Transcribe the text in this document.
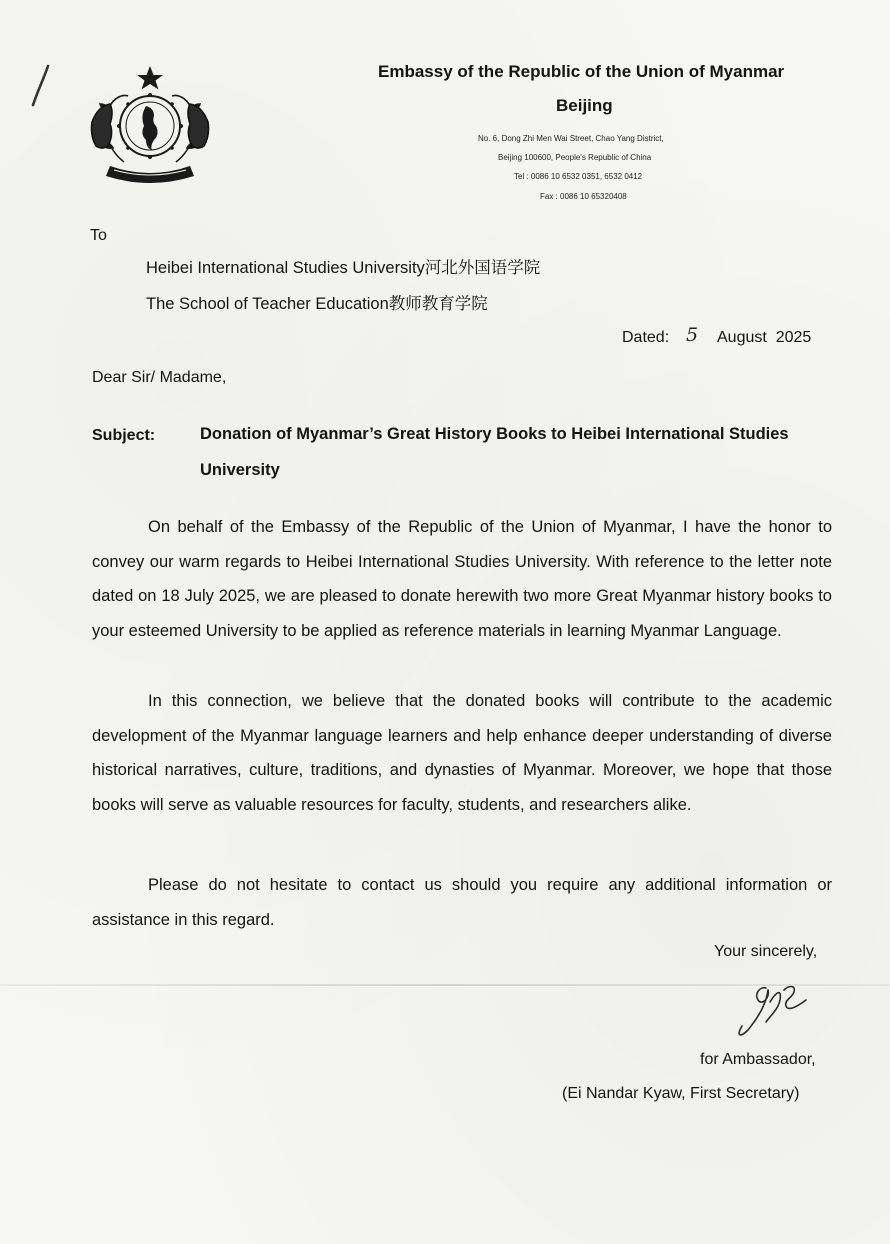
Embassy of the Republic of the Union of Myanmar
Beijing
No. 6, Dong Zhi Men Wai Street, Chao Yang District,
Beijing 100600, People's Republic of China
Tel : 0086 10 6532 0351, 6532 0412
Fax : 0086 10 65320408
To
Heibei International Studies University河北外国语学院
The School of Teacher Education教师教育学院
Dated: 5 August  2025
Dear Sir/ Madame,
Subject:	Donation of Myanmar’s Great History Books to Heibei International Studies
University

On behalf of the Embassy of the Republic of the Union of Myanmar, I have the honor to convey our warm regards to Heibei International Studies University. With reference to the letter note dated on 18 July 2025, we are pleased to donate herewith two more Great Myanmar history books to your esteemed University to be applied as reference materials in learning Myanmar Language.

In this connection, we believe that the donated books will contribute to the academic development of the Myanmar language learners and help enhance deeper understanding of diverse historical narratives, culture, traditions, and dynasties of Myanmar. Moreover, we hope that those books will serve as valuable resources for faculty, students, and researchers alike.

Please do not hesitate to contact us should you require any additional information or assistance in this regard.

Your sincerely,
for Ambassador,
(Ei Nandar Kyaw, First Secretary)
